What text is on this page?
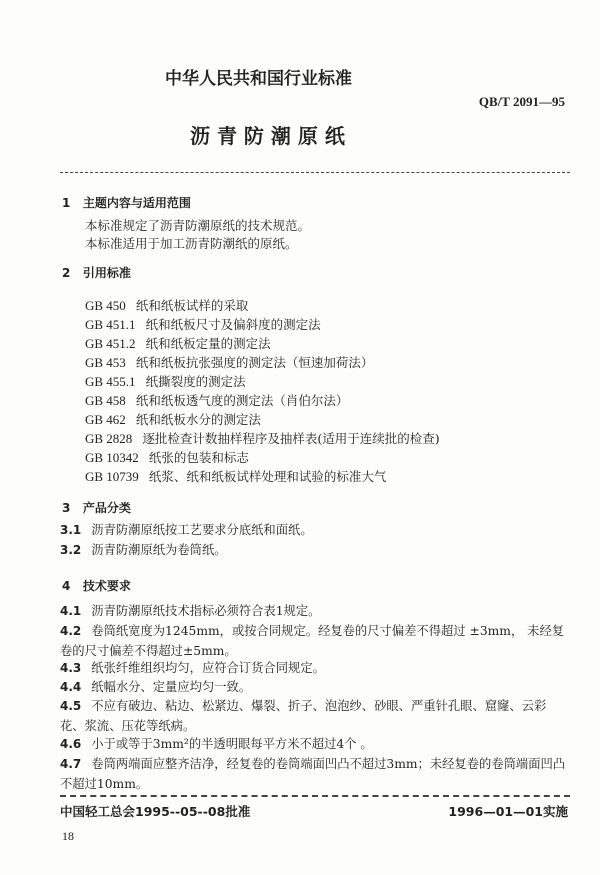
中华人民共和国行业标准
QB/T 2091—95
沥 青 防 潮 原 纸
1 主题内容与适用范围
本标准规定了沥青防潮原纸的技术规范。
本标准适用于加工沥青防潮纸的原纸。
2 引用标准
GB 450 纸和纸板试样的采取
GB 451.1 纸和纸板尺寸及偏斜度的测定法
GB 451.2 纸和纸板定量的测定法
GB 453 纸和纸板抗张强度的测定法（恒速加荷法）
GB 455.1 纸撕裂度的测定法
GB 458 纸和纸板透气度的测定法（肖伯尔法）
GB 462 纸和纸板水分的测定法
GB 2828 逐批检查计数抽样程序及抽样表(适用于连续批的检查)
GB 10342 纸张的包装和标志
GB 10739 纸浆、纸和纸板试样处理和试验的标准大气
3 产品分类
3.1 沥青防潮原纸按工艺要求分底纸和面纸。
3.2 沥青防潮原纸为卷筒纸。
4 技术要求
4.1 沥青防潮原纸技术指标必须符合表1规定。
4.2 卷筒纸宽度为1245mm，或按合同规定。经复卷的尺寸偏差不得超过 ±3mm， 未经复卷的尺寸偏差不得超过±5mm。
4.3 纸张纤维组织均匀，应符合订货合同规定。
4.4 纸幅水分、定量应均匀一致。
4.5 不应有破边、粘边、松紧边、爆裂、折子、泡泡纱、砂眼、严重针孔眼、窟窿、云彩花、浆流、压花等纸病。
4.6 小于或等于3mm²的半透明眼每平方米不超过4个 。
4.7 卷筒两端面应整齐洁净，经复卷的卷筒端面凹凸不超过3mm；未经复卷的卷筒端面凹凸不超过10mm。
中国轻工总会1995--05--08批准	1996—01—01实施
18
